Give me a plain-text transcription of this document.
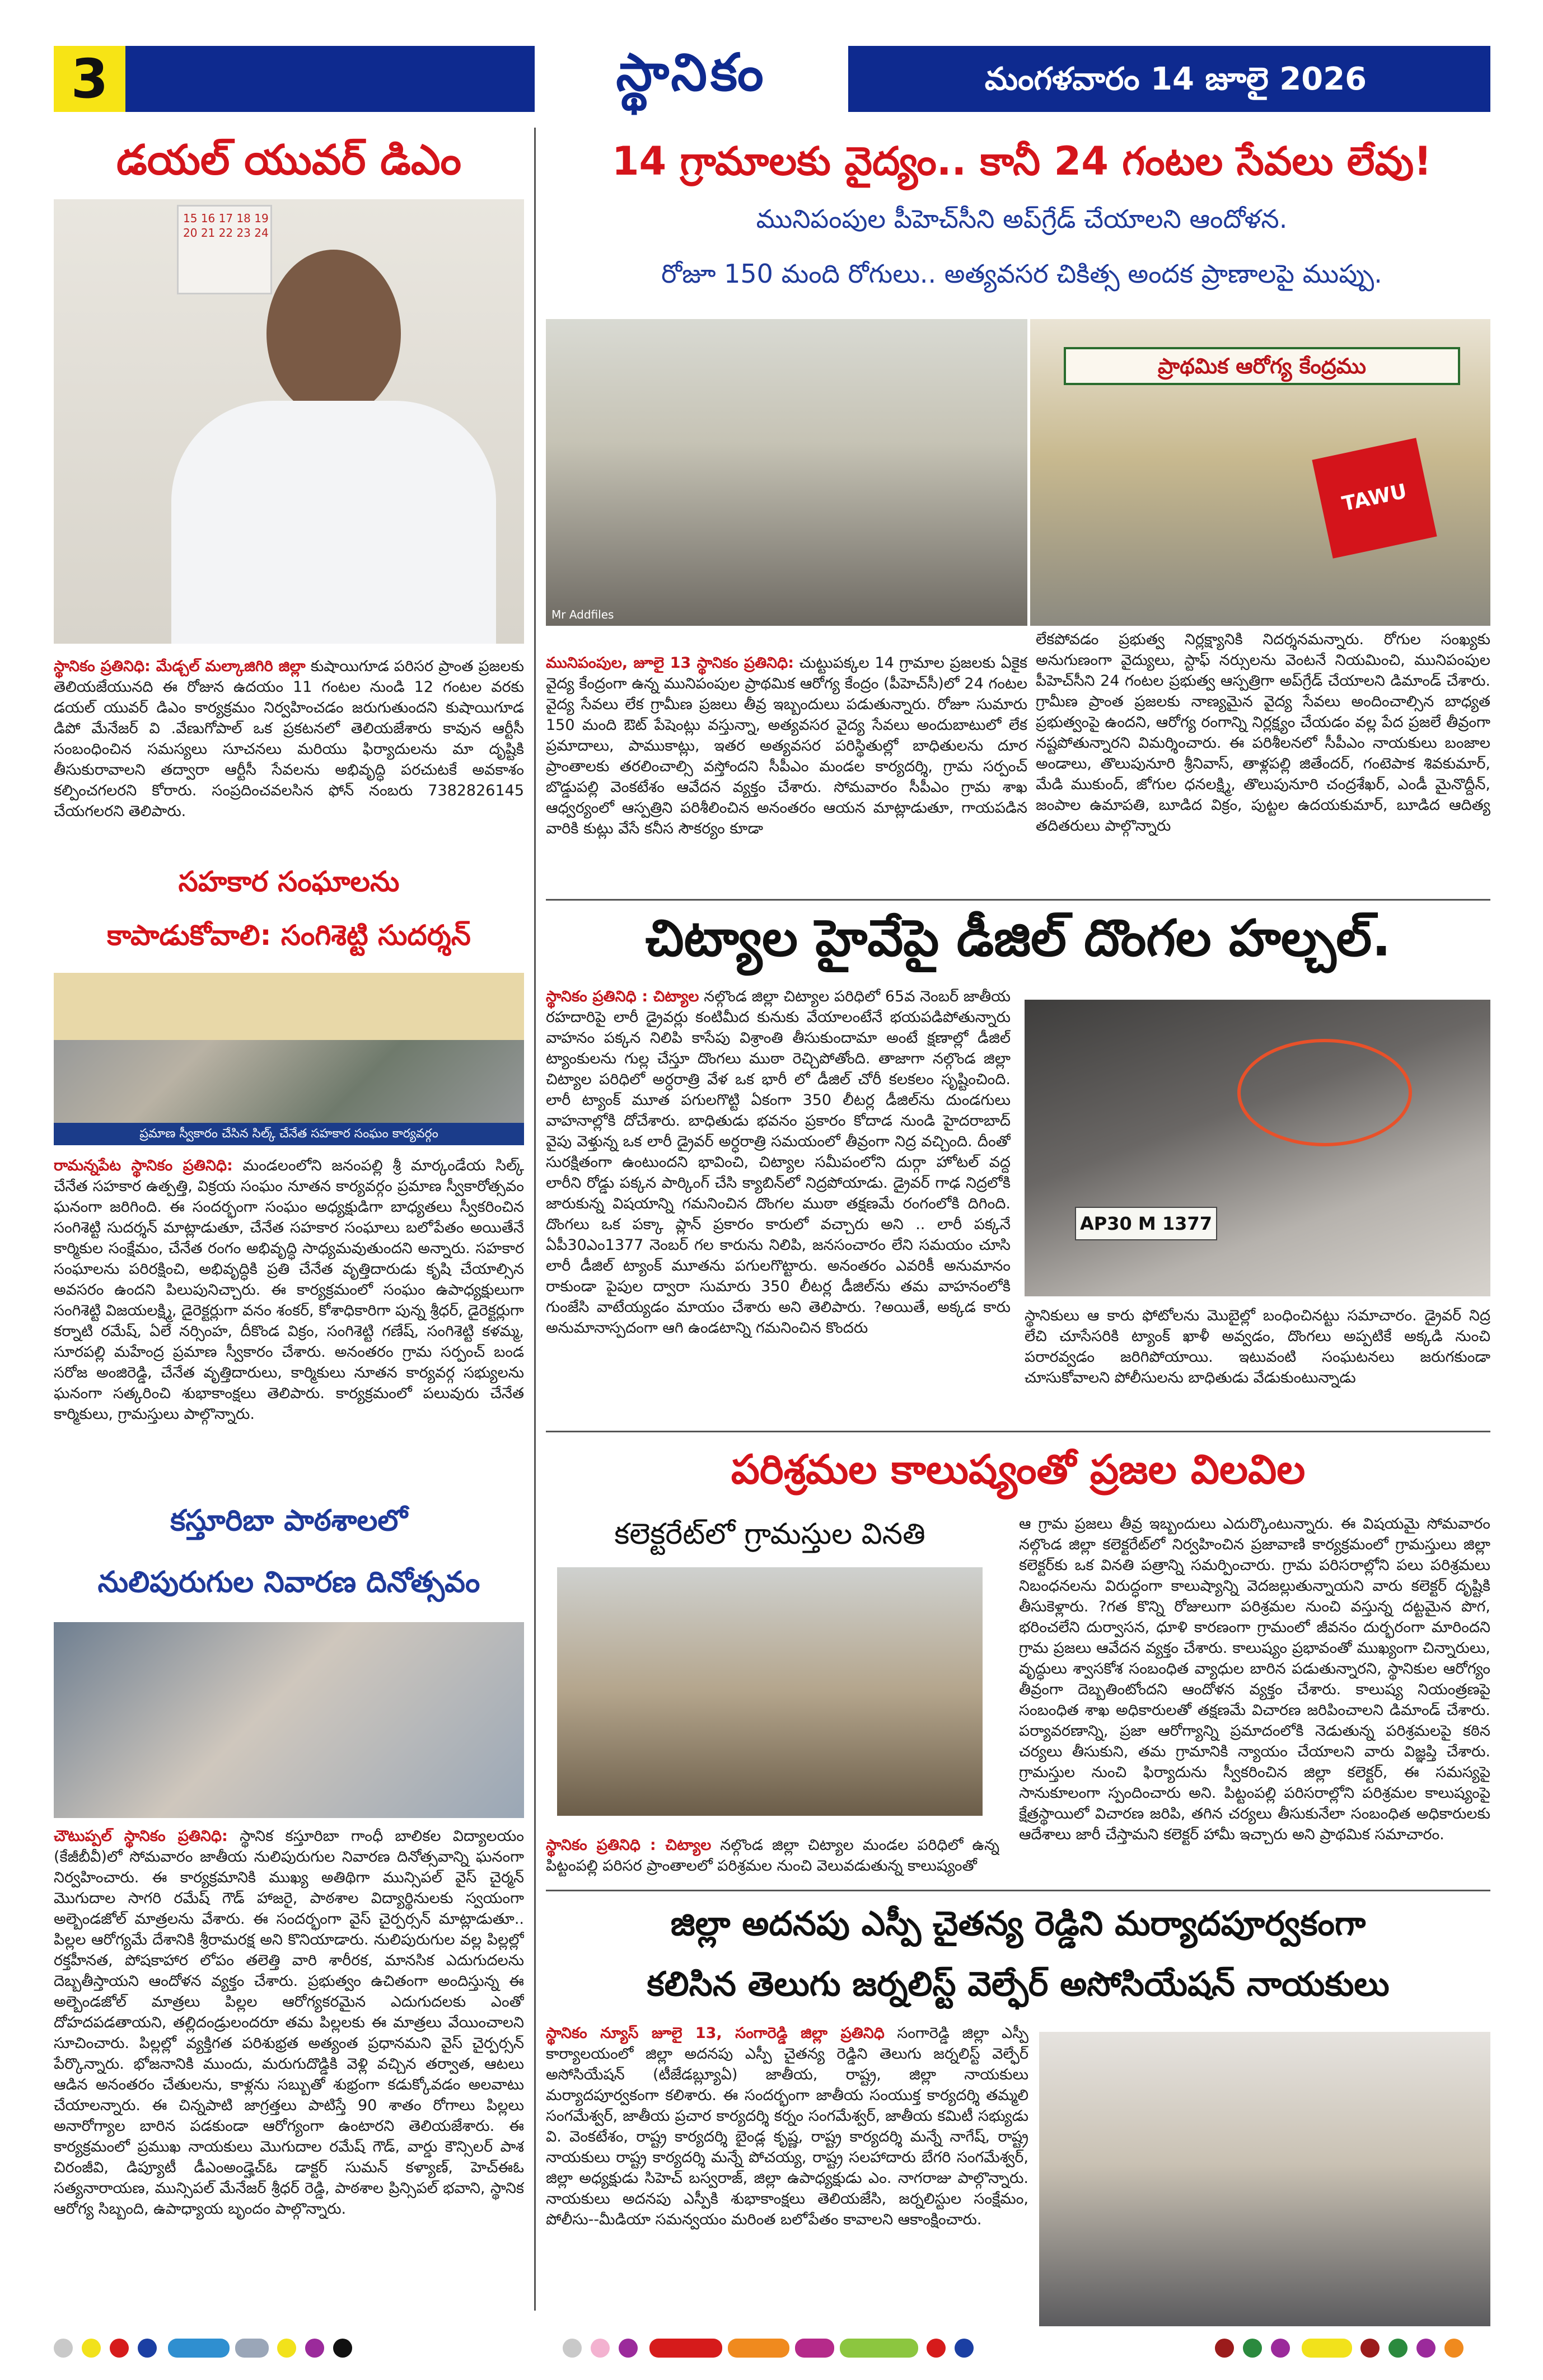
3	స్థానికం	మంగళవారం 14 జూలై 2026
డయల్ యువర్ డిఎం
15 16 17 18 19
20 21 22 23 24
స్థానికం ప్రతినిధి: మేడ్చల్ మల్కాజిగిరి జిల్లా కుషాయిగూడ పరిసర ప్రాంత ప్రజలకు తెలియజేయునది ఈ రోజున ఉదయం 11 గంటల నుండి 12 గంటల వరకు డయల్ యువర్ డిఎం కార్యక్రమం నిర్వహించడం జరుగుతుందని కుషాయిగూడ డిపో మేనేజర్ వి .వేణుగోపాల్ ఒక ప్రకటనలో తెలియజేశారు కావున ఆర్టీసీ సంబంధించిన సమస్యలు సూచనలు మరియు ఫిర్యాదులను మా దృష్టికి తీసుకురావాలని తద్వారా ఆర్టీసీ సేవలను అభివృద్ధి పరచుటకే అవకాశం కల్పించగలరని కోరారు. సంప్రదించవలసిన ఫోన్ నంబరు 7382826145 చేయగలరని తెలిపారు.
సహకార సంఘాలను
కాపాడుకోవాలి: సంగిశెట్టి సుదర్శన్
ప్రమాణ స్వీకారం చేసిన సిల్క్ చేనేత సహకార సంఘం కార్యవర్గం
రామన్నపేట స్థానికం ప్రతినిధి: మండలంలోని జనంపల్లి శ్రీ మార్కండేయ సిల్క్ చేనేత సహకార ఉత్పత్తి, విక్రయ సంఘం నూతన కార్యవర్గం ప్రమాణ స్వీకారోత్సవం ఘనంగా జరిగింది. ఈ సందర్భంగా సంఘం అధ్యక్షుడిగా బాధ్యతలు స్వీకరించిన సంగిశెట్టి సుదర్శన్ మాట్లాడుతూ, చేనేత సహకార సంఘాలు బలోపేతం అయితేనే కార్మికుల సంక్షేమం, చేనేత రంగం అభివృద్ధి సాధ్యమవుతుందని అన్నారు. సహకార సంఘాలను పరిరక్షించి, అభివృద్ధికి ప్రతి చేనేత వృత్తిదారుడు కృషి చేయాల్సిన అవసరం ఉందని పిలుపునిచ్చారు. ఈ కార్యక్రమంలో సంఘం ఉపాధ్యక్షులుగా సంగిశెట్టి విజయలక్ష్మి, డైరెక్టర్లుగా వనం శంకర్, కోశాధికారిగా పున్న శ్రీధర్, డైరెక్టర్లుగా కర్నాటి రమేష్, ఏలే నర్సింహ, దీకొండ విక్రం, సంగిశెట్టి గణేష్, సంగిశెట్టి కళమ్మ, సూరపల్లి మహేంద్ర ప్రమాణ స్వీకారం చేశారు. అనంతరం గ్రామ సర్పంచ్ బండ సరోజ అంజిరెడ్డి, చేనేత వృత్తిదారులు, కార్మికులు నూతన కార్యవర్గ సభ్యులను ఘనంగా సత్కరించి శుభాకాంక్షలు తెలిపారు. కార్యక్రమంలో పలువురు చేనేత కార్మికులు, గ్రామస్తులు పాల్గొన్నారు.
కస్తూరిబా పాఠశాలలో
నులిపురుగుల నివారణ దినోత్సవం
చౌటుప్పల్ స్థానికం ప్రతినిధి: స్థానిక కస్తూరిబా గాంధీ బాలికల విద్యాలయం (కేజీబీవీ)లో సోమవారం జాతీయ నులిపురుగుల నివారణ దినోత్సవాన్ని ఘనంగా నిర్వహించారు. ఈ కార్యక్రమానికి ముఖ్య అతిథిగా మున్సిపల్ వైస్ చైర్మన్ మొగుదాల సాగరి రమేష్ గౌడ్ హాజరై, పాఠశాల విద్యార్థినులకు స్వయంగా అల్బెండజోల్ మాత్రలను వేశారు. ఈ సందర్భంగా వైస్ చైర్పర్సన్ మాట్లాడుతూ.. పిల్లల ఆరోగ్యమే దేశానికి శ్రీరామరక్ష అని కొనియాడారు. నులిపురుగుల వల్ల పిల్లల్లో రక్తహీనత, పోషకాహార లోపం తలెత్తి వారి శారీరక, మానసిక ఎదుగుదలను దెబ్బతీస్తాయని ఆందోళన వ్యక్తం చేశారు. ప్రభుత్వం ఉచితంగా అందిస్తున్న ఈ అల్బెండజోల్ మాత్రలు పిల్లల ఆరోగ్యకరమైన ఎదుగుదలకు ఎంతో దోహదపడతాయని, తల్లిదండ్రులందరూ తమ పిల్లలకు ఈ మాత్రలు వేయించాలని సూచించారు. పిల్లల్లో వ్యక్తిగత పరిశుభ్రత అత్యంత ప్రధానమని వైస్ చైర్పర్సన్ పేర్కొన్నారు. భోజనానికి ముందు, మరుగుదొడ్డికి వెళ్లి వచ్చిన తర్వాత, ఆటలు ఆడిన అనంతరం చేతులను, కాళ్లను సబ్బుతో శుభ్రంగా కడుక్కోవడం అలవాటు చేయాలన్నారు. ఈ చిన్నపాటి జాగ్రత్తలు పాటిస్తే 90 శాతం రోగాలు పిల్లలు అనారోగ్యాల బారిన పడకుండా ఆరోగ్యంగా ఉంటారని తెలియజేశారు. ఈ కార్యక్రమంలో ప్రముఖ నాయకులు మొగుదాల రమేష్ గౌడ్, వార్డు కౌన్సిలర్ పాశ చిరంజీవి, డిప్యూటీ డీఎంఅండ్హెచ్ఓ డాక్టర్ సుమన్ కళ్యాణ్, హెచ్ఈఓ సత్యనారాయణ, మున్సిపల్ మేనేజర్ శ్రీధర్ రెడ్డి, పాఠశాల ప్రిన్సిపల్ భవాని, స్థానిక ఆరోగ్య సిబ్బంది, ఉపాధ్యాయ బృందం పాల్గొన్నారు.
14 గ్రామాలకు వైద్యం.. కానీ 24 గంటల సేవలు లేవు!
మునిపంపుల పీహెచ్‌సీని అప్‌గ్రేడ్ చేయాలని ఆందోళన.
రోజూ 150 మంది రోగులు.. అత్యవసర చికిత్స అందక ప్రాణాలపై ముప్పు.
Mr Addfiles
ప్రాథమిక ఆరోగ్య కేంద్రము
TAWU
మునిపంపుల, జూలై 13 స్థానికం ప్రతినిధి: చుట్టుపక్కల 14 గ్రామాల ప్రజలకు ఏకైక వైద్య కేంద్రంగా ఉన్న మునిపంపుల ప్రాథమిక ఆరోగ్య కేంద్రం (పీహెచ్‌సీ)లో 24 గంటల వైద్య సేవలు లేక గ్రామీణ ప్రజలు తీవ్ర ఇబ్బందులు పడుతున్నారు. రోజూ సుమారు 150 మంది ఔట్ పేషెంట్లు వస్తున్నా, అత్యవసర వైద్య సేవలు అందుబాటులో లేక ప్రమాదాలు, పాముకాట్లు, ఇతర అత్యవసర పరిస్థితుల్లో బాధితులను దూర ప్రాంతాలకు తరలించాల్సి వస్తోందని సీపీఎం మండల కార్యదర్శి, గ్రామ సర్పంచ్ బొడ్డుపల్లి వెంకటేశం ఆవేదన వ్యక్తం చేశారు. సోమవారం సీపీఎం గ్రామ శాఖ ఆధ్వర్యంలో ఆస్పత్రిని పరిశీలించిన అనంతరం ఆయన మాట్లాడుతూ, గాయపడిన వారికి కుట్లు వేసే కనీస సౌకర్యం కూడా
లేకపోవడం ప్రభుత్వ నిర్లక్ష్యానికి నిదర్శనమన్నారు. రోగుల సంఖ్యకు అనుగుణంగా వైద్యులు, స్టాఫ్ నర్సులను వెంటనే నియమించి, మునిపంపుల పీహెచ్‌సీని 24 గంటల ప్రభుత్వ ఆస్పత్రిగా అప్‌గ్రేడ్ చేయాలని డిమాండ్ చేశారు. గ్రామీణ ప్రాంత ప్రజలకు నాణ్యమైన వైద్య సేవలు అందించాల్సిన బాధ్యత ప్రభుత్వంపై ఉందని, ఆరోగ్య రంగాన్ని నిర్లక్ష్యం చేయడం వల్ల పేద ప్రజలే తీవ్రంగా నష్టపోతున్నారని విమర్శించారు. ఈ పరిశీలనలో సీపీఎం నాయకులు బంజాల అండాలు, తొలుపునూరి శ్రీనివాస్, తాళ్లపల్లి జితేందర్, గంటెపాక శివకుమార్, మేడి ముకుంద్, జోగుల ధనలక్ష్మి, తొలుపునూరి చంద్రశేఖర్, ఎండీ మైనొద్దీన్, జంపాల ఉమాపతి, బూడిద విక్రం, పుట్టల ఉదయకుమార్, బూడిద ఆదిత్య తదితరులు పాల్గొన్నారు
చిట్యాల హైవేపై డీజిల్ దొంగల హల్చల్.
స్థానికం ప్రతినిధి : చిట్యాల నల్గొండ జిల్లా చిట్యాల పరిధిలో 65వ నెంబర్ జాతీయ రహదారిపై లారీ డ్రైవర్లు కంటిమీద కునుకు వేయాలంటేనే భయపడిపోతున్నారు వాహనం పక్కన నిలిపి కాసేపు విశ్రాంతి తీసుకుందామా అంటే క్షణాల్లో డీజిల్ ట్యాంకులను గుల్ల చేస్తూ దొంగలు ముఠా రెచ్చిపోతోంది. తాజాగా నల్గొండ జిల్లా చిట్యాల పరిధిలో అర్ధరాత్రి వేళ ఒక భారీ లో డీజిల్ చోరీ కలకలం సృష్టించింది. లారీ ట్యాంక్ మూత పగులగొట్టి ఏకంగా 350 లీటర్ల డీజిల్‌ను దుండగులు వాహనాల్లోకి దోచేశారు. బాధితుడు భవనం ప్రకారం కోదాడ నుండి హైదరాబాద్ వైపు వెళ్తున్న ఒక లారీ డ్రైవర్ అర్ధరాత్రి సమయంలో తీవ్రంగా నిద్ర వచ్చింది. దీంతో సురక్షితంగా ఉంటుందని భావించి, చిట్యాల సమీపంలోని దుర్గా హోటల్ వద్ద లారీని రోడ్డు పక్కన పార్కింగ్ చేసి క్యాబిన్‌లో నిద్రపోయాడు. డ్రైవర్ గాఢ నిద్రలోకి జారుకున్న విషయాన్ని గమనించిన దొంగల ముఠా తక్షణమే రంగంలోకి దిగింది. దొంగలు ఒక పక్కా ప్లాన్ ప్రకారం కారులో వచ్చారు అని .. లారీ పక్కనే ఏపీ30ఎం1377 నెంబర్ గల కారును నిలిపి, జనసంచారం లేని సమయం చూసి లారీ డీజిల్ ట్యాంక్ మూతను పగులగొట్టారు. అనంతరం ఎవరికీ అనుమానం రాకుండా పైపుల ద్వారా సుమారు 350 లీటర్ల డీజిల్‌ను తమ వాహనంలోకి గుంజేసి వాటేయ్యడం మాయం చేశారు అని తెలిపారు. ?అయితే, అక్కడ కారు అనుమానాస్పదంగా ఆగి ఉండటాన్ని గమనించిన కొందరు
AP30 M 1377
స్థానికులు ఆ కారు ఫోటోలను మొబైల్లో బంధించినట్టు సమాచారం. డ్రైవర్ నిద్ర లేచి చూసేసరికి ట్యాంక్ ఖాళీ అవ్వడం, దొంగలు అప్పటికే అక్కడి నుంచి పరారవ్వడం జరిగిపోయాయి. ఇటువంటి సంఘటనలు జరుగకుండా చూసుకోవాలని పోలీసులను బాధితుడు వేడుకుంటున్నాడు
పరిశ్రమల కాలుష్యంతో ప్రజల విలవిల
కలెక్టరేట్‌లో గ్రామస్తుల వినతి
స్థానికం ప్రతినిధి : చిట్యాల నల్గొండ జిల్లా చిట్యాల మండల పరిధిలో ఉన్న పిట్టంపల్లి పరిసర ప్రాంతాలలో పరిశ్రమల నుంచి వెలువడుతున్న కాలుష్యంతో
ఆ గ్రామ ప్రజలు తీవ్ర ఇబ్బందులు ఎదుర్కొంటున్నారు. ఈ విషయమై సోమవారం నల్గొండ జిల్లా కలెక్టరేట్‌లో నిర్వహించిన ప్రజావాణి కార్యక్రమంలో గ్రామస్తులు జిల్లా కలెక్టర్‌కు ఒక వినతి పత్రాన్ని సమర్పించారు. గ్రామ పరిసరాల్లోని పలు పరిశ్రమలు నిబంధనలను విరుద్ధంగా కాలుష్యాన్ని వెదజల్లుతున్నాయని వారు కలెక్టర్ దృష్టికి తీసుకెళ్లారు. ?గత కొన్ని రోజులుగా పరిశ్రమల నుంచి వస్తున్న దట్టమైన పొగ, భరించలేని దుర్వాసన, ధూళి కారణంగా గ్రామంలో జీవనం దుర్భరంగా మారిందని గ్రామ ప్రజలు ఆవేదన వ్యక్తం చేశారు. కాలుష్యం ప్రభావంతో ముఖ్యంగా చిన్నారులు, వృద్ధులు శ్వాసకోశ సంబంధిత వ్యాధుల బారిన పడుతున్నారని, స్థానికుల ఆరోగ్యం తీవ్రంగా దెబ్బతింటోందని ఆందోళన వ్యక్తం చేశారు. కాలుష్య నియంత్రణపై సంబంధిత శాఖ అధికారులతో తక్షణమే విచారణ జరిపించాలని డిమాండ్ చేశారు. పర్యావరణాన్ని, ప్రజా ఆరోగ్యాన్ని ప్రమాదంలోకి నెడుతున్న పరిశ్రమలపై కఠిన చర్యలు తీసుకుని, తమ గ్రామానికి న్యాయం చేయాలని వారు విజ్ఞప్తి చేశారు. గ్రామస్తుల నుంచి ఫిర్యాదును స్వీకరించిన జిల్లా కలెక్టర్, ఈ సమస్యపై సానుకూలంగా స్పందించారు అని. పిట్టంపల్లి పరిసరాల్లోని పరిశ్రమల కాలుష్యంపై క్షేత్రస్థాయిలో విచారణ జరిపి, తగిన చర్యలు తీసుకునేలా సంబంధిత అధికారులకు ఆదేశాలు జారీ చేస్తామని కలెక్టర్ హామీ ఇచ్చారు అని ప్రాథమిక సమాచారం.
జిల్లా అదనపు ఎస్పీ చైతన్య రెడ్డిని మర్యాదపూర్వకంగా
కలిసిన తెలుగు జర్నలిస్ట్ వెల్ఫేర్ అసోసియేషన్ నాయకులు
స్థానికం న్యూస్ జూలై 13, సంగారెడ్డి జిల్లా ప్రతినిధి సంగారెడ్డి జిల్లా ఎస్పీ కార్యాలయంలో జిల్లా అదనపు ఎస్పీ చైతన్య రెడ్డిని తెలుగు జర్నలిస్ట్ వెల్ఫేర్ అసోసియేషన్ (టీజేడబ్ల్యూఏ) జాతీయ, రాష్ట్ర, జిల్లా నాయకులు మర్యాదపూర్వకంగా కలిశారు. ఈ సందర్భంగా జాతీయ సంయుక్త కార్యదర్శి తమ్మలి సంగమేశ్వర్, జాతీయ ప్రచార కార్యదర్శి కర్నం సంగమేశ్వర్, జాతీయ కమిటీ సభ్యుడు వి. వెంకటేశం, రాష్ట్ర కార్యదర్శి బైండ్ల కృష్ణ, రాష్ట్ర కార్యదర్శి మన్నే నాగేష్, రాష్ట్ర నాయకులు రాష్ట్ర కార్యదర్శి మన్నే పోచయ్య, రాష్ట్ర సలహాదారు బేగరి సంగమేశ్వర్, జిల్లా అధ్యక్షుడు సిహెచ్ బస్వరాజ్, జిల్లా ఉపాధ్యక్షుడు ఎం. నాగరాజు పాల్గొన్నారు. నాయకులు అదనపు ఎస్పీకి శుభాకాంక్షలు తెలియజేసి, జర్నలిస్టుల సంక్షేమం, పోలీసు--మీడియా సమన్వయం మరింత బలోపేతం కావాలని ఆకాంక్షించారు.
